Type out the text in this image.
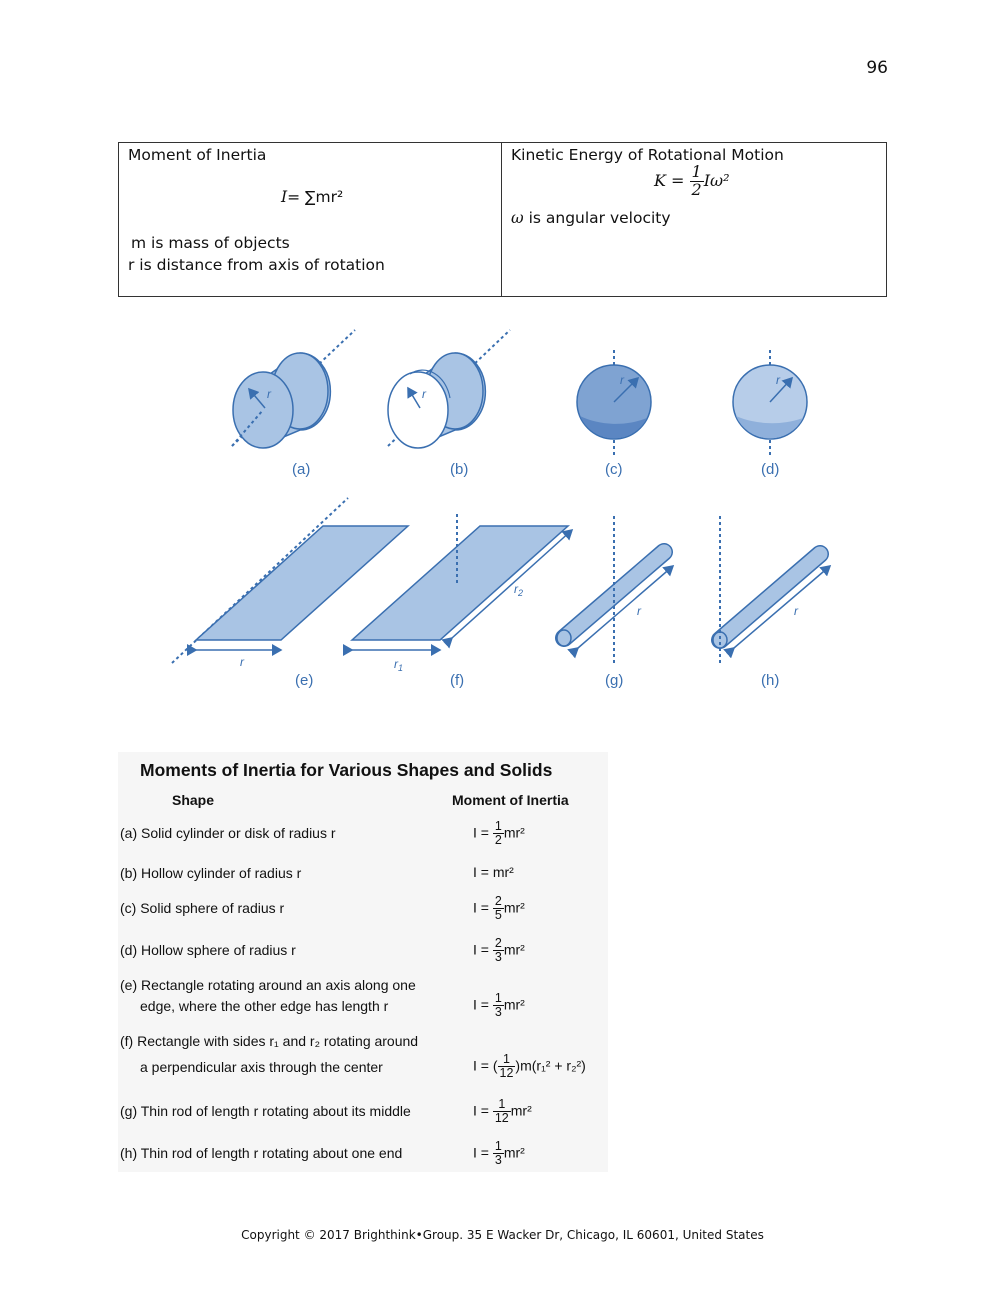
96
Moment of Inertia
I= ∑mr²
m is mass of objects
r is distance from axis of rotation
Kinetic Energy of Rotational Motion
$K = \frac{1}{2} I\omega^2$
ω is angular velocity
r
(a)
r
(b)
r
(c)
r
(d)
r
(e)
$r_1$
$r_2$
(f)
r
(g)
r
(h)
Moments of Inertia for Various Shapes and Solids
Shape	Moment of Inertia
(a) Solid cylinder or disk of radius r	$I = \frac{1}{2} mr^2$
(b) Hollow cylinder of radius r	I = mr²
(c) Solid sphere of radius r	$I = \frac{2}{5} mr^2$
(d) Hollow sphere of radius r	$I = \frac{2}{3} mr^2$
(e) Rectangle rotating around an axis along one
edge, where the other edge has length r	$I = \frac{1}{3} mr^2$
(f) Rectangle with sides r₁ and r₂ rotating around
a perpendicular axis through the center	I = ( $\frac{1}{12} )m(r_1^2 + r_2^2)$
(g) Thin rod of length r rotating about its middle	$I = \frac{1}{12} mr^2$
(h) Thin rod of length r rotating about one end	$I = \frac{1}{3} mr^2$
Copyright © 2017 Brighthink•Group. 35 E Wacker Dr, Chicago, IL 60601, United States
